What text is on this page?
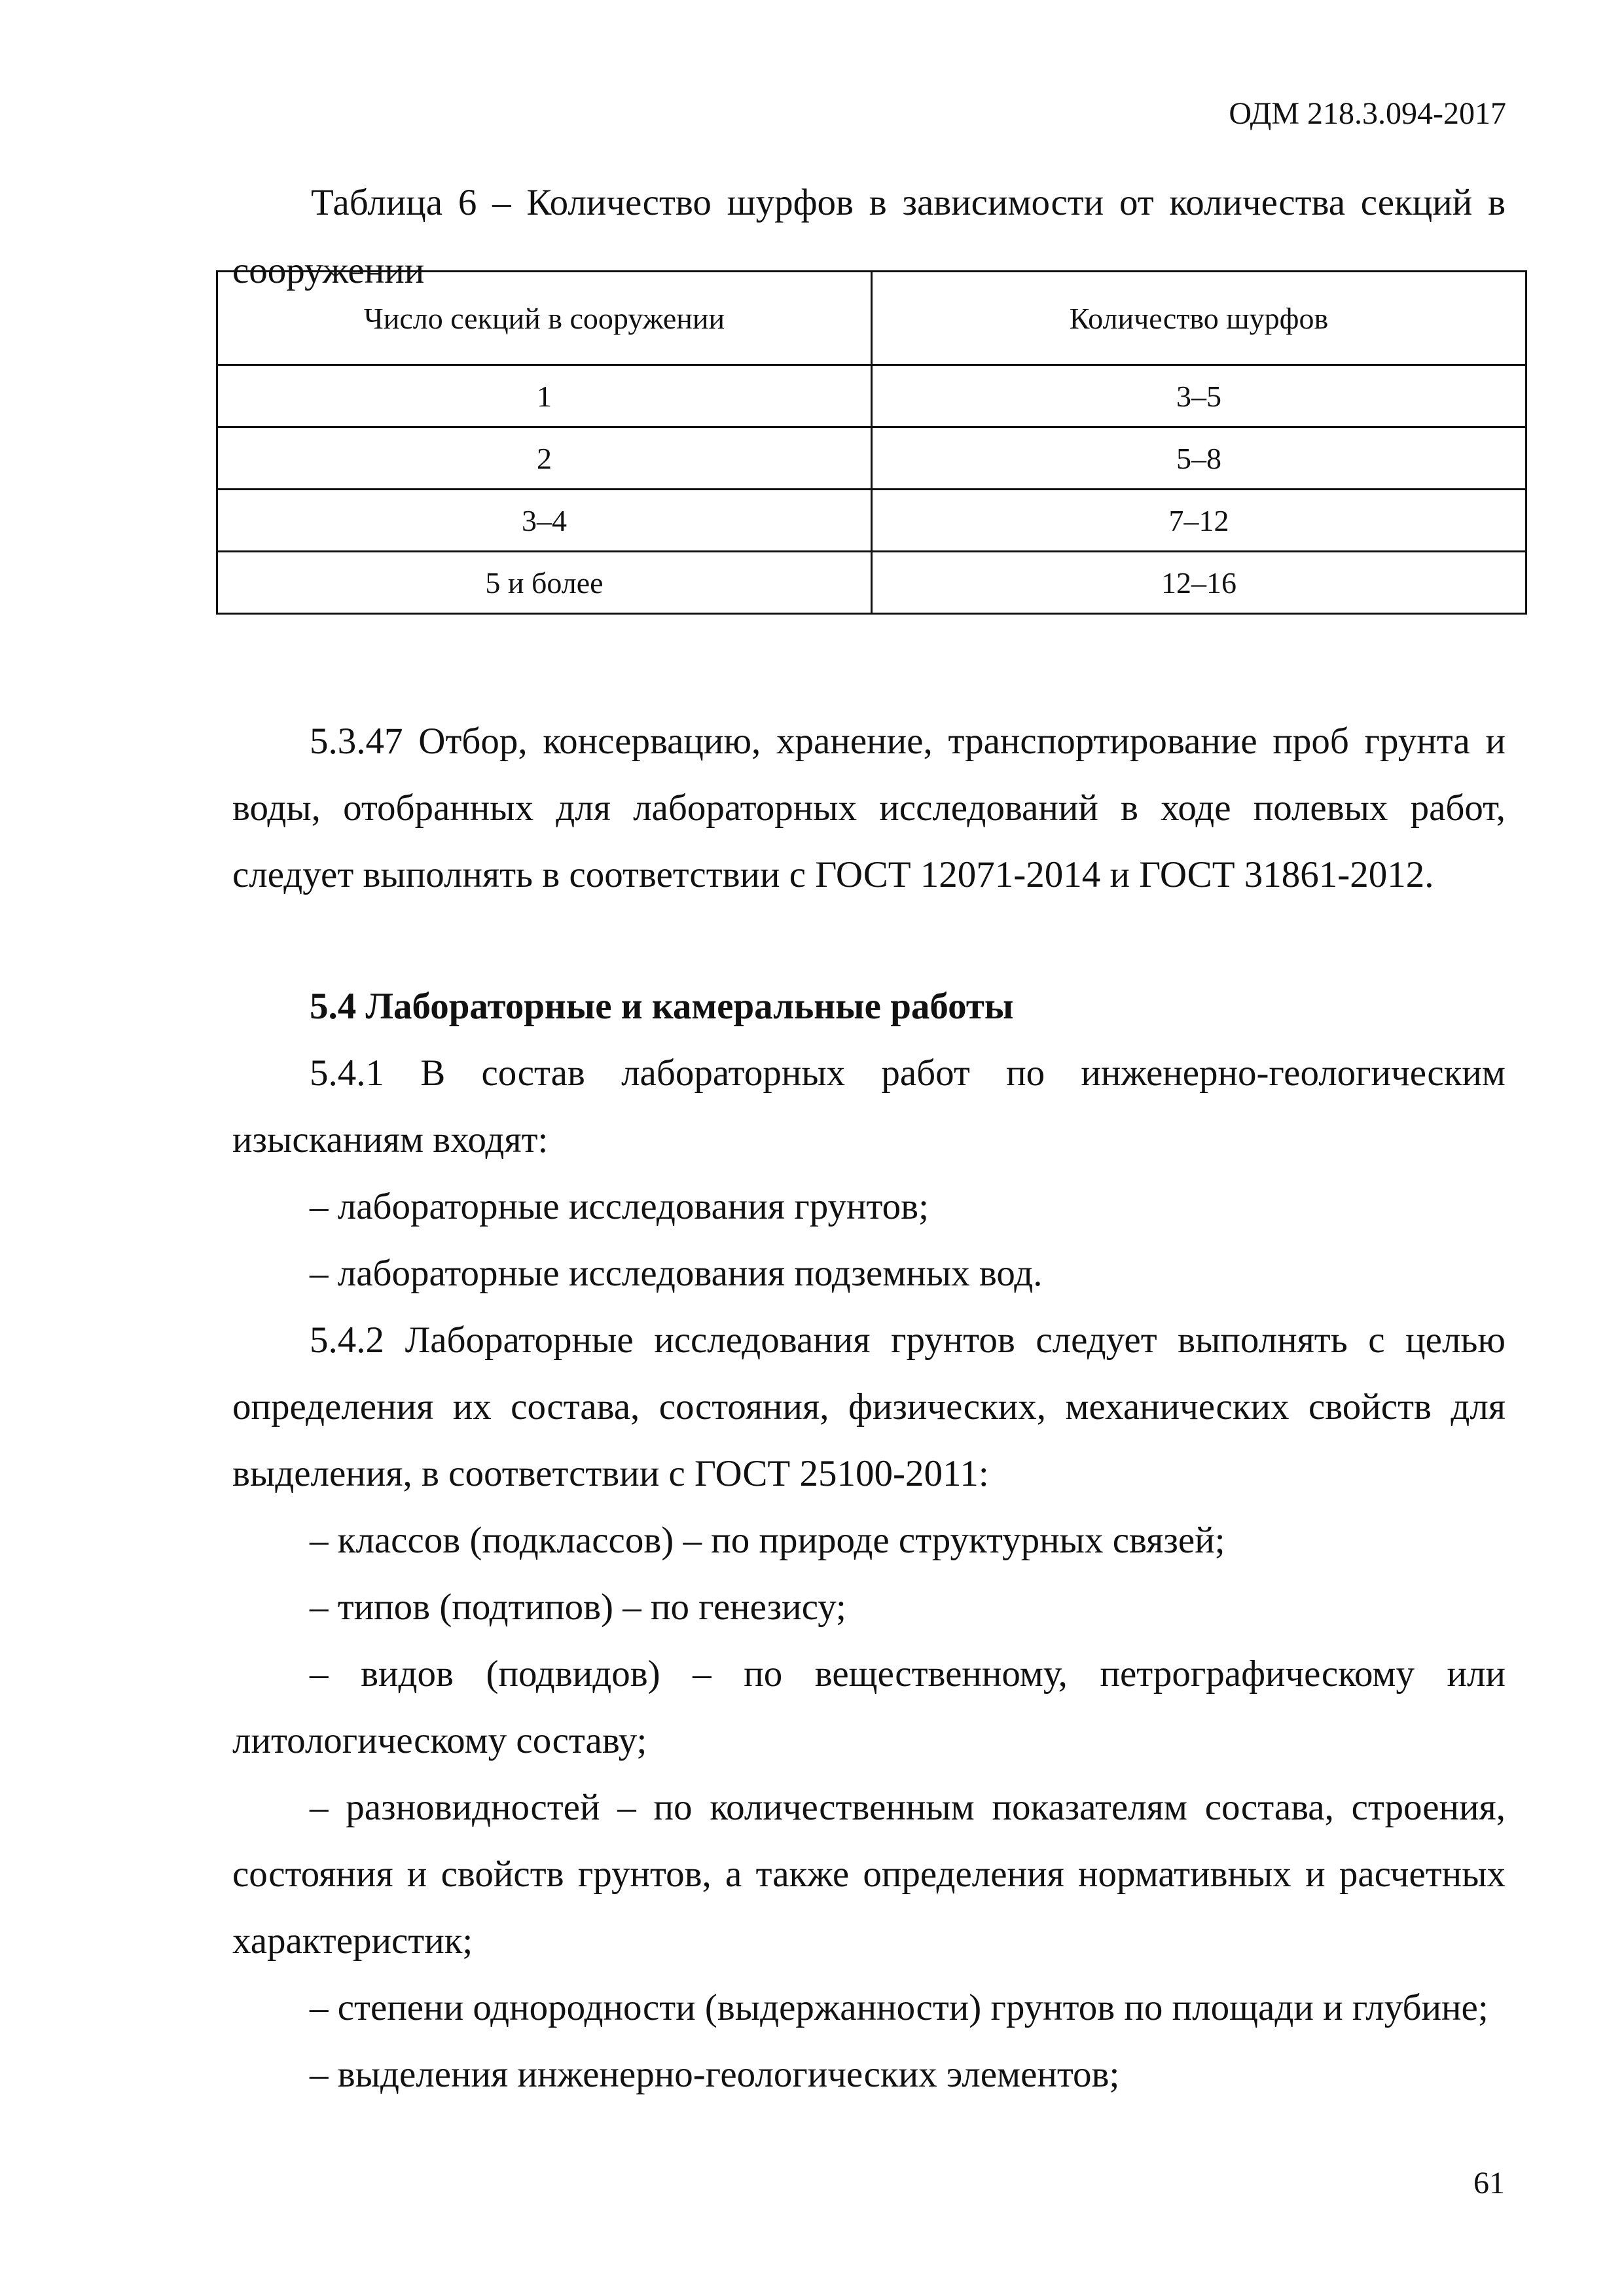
ОДМ 218.3.094-2017

Таблица 6 – Количество шурфов в зависимости от количества секций в сооружении

Число секций в сооружении	Количество шурфов
1	3–5
2	5–8
3–4	7–12
5 и более	12–16

5.3.47 Отбор, консервацию, хранение, транспортирование проб грунта и воды, отобранных для лабораторных исследований в ходе полевых работ, следует выполнять в соответствии с ГОСТ 12071-2014 и ГОСТ 31861-2012.

5.4 Лабораторные и камеральные работы

5.4.1 В состав лабораторных работ по инженерно-геологическим изысканиям входят:

– лабораторные исследования грунтов;

– лабораторные исследования подземных вод.

5.4.2 Лабораторные исследования грунтов следует выполнять с целью определения их состава, состояния, физических, механических свойств для выделения, в соответствии с ГОСТ 25100-2011:

– классов (подклассов) – по природе структурных связей;

– типов (подтипов) – по генезису;

– видов (подвидов) – по вещественному, петрографическому или литологическому составу;

– разновидностей – по количественным показателям состава, строения, состояния и свойств грунтов, а также определения нормативных и расчетных характеристик;

– степени однородности (выдержанности) грунтов по площади и глубине;

– выделения инженерно-геологических элементов;

61
